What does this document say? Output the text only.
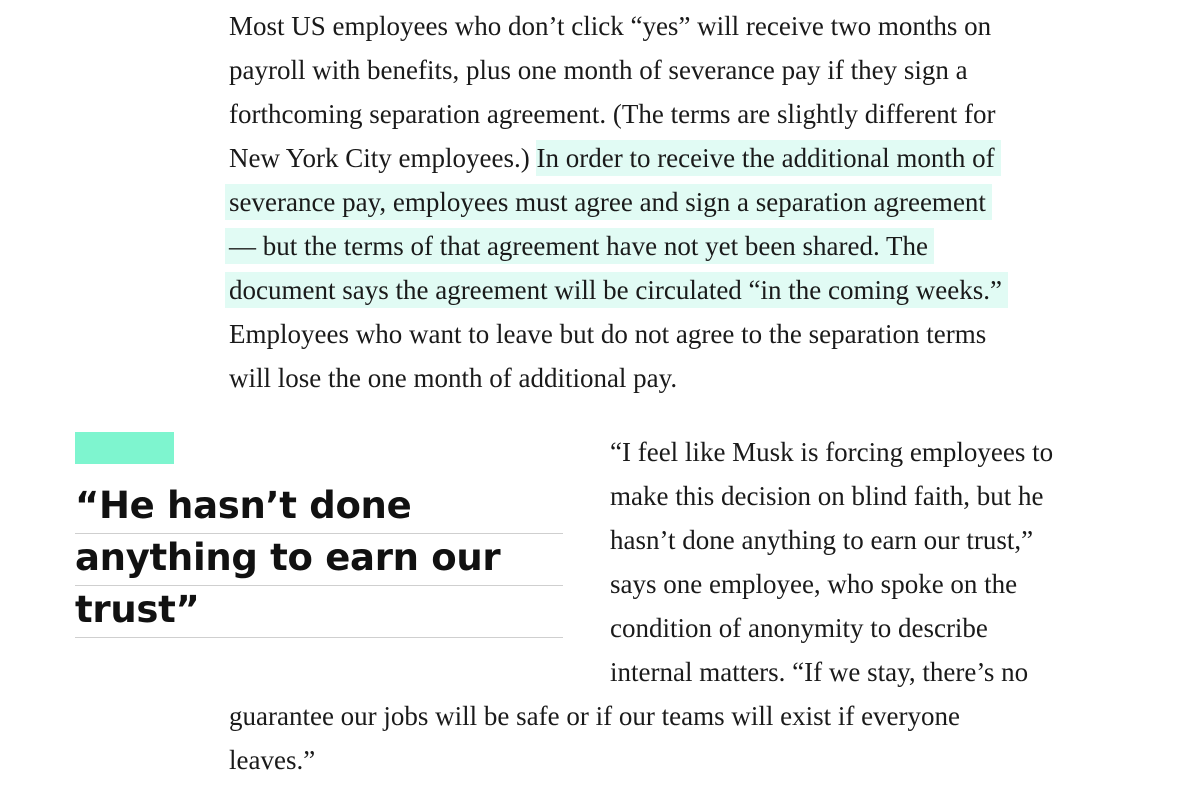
Most US employees who don’t click “yes” will receive two months on
payroll with benefits, plus one month of severance pay if they sign a
forthcoming separation agreement. (The terms are slightly different for
New York City employees.) In order to receive the additional month of
severance pay, employees must agree and sign a separation agreement
— but the terms of that agreement have not yet been shared. The
document says the agreement will be circulated “in the coming weeks.”
Employees who want to leave but do not agree to the separation terms
will lose the one month of additional pay.
“He hasn’t done
anything to earn our
trust”
“I feel like Musk is forcing employees to
make this decision on blind faith, but he
hasn’t done anything to earn our trust,”
says one employee, who spoke on the
condition of anonymity to describe
internal matters. “If we stay, there’s no
guarantee our jobs will be safe or if our teams will exist if everyone
leaves.”
